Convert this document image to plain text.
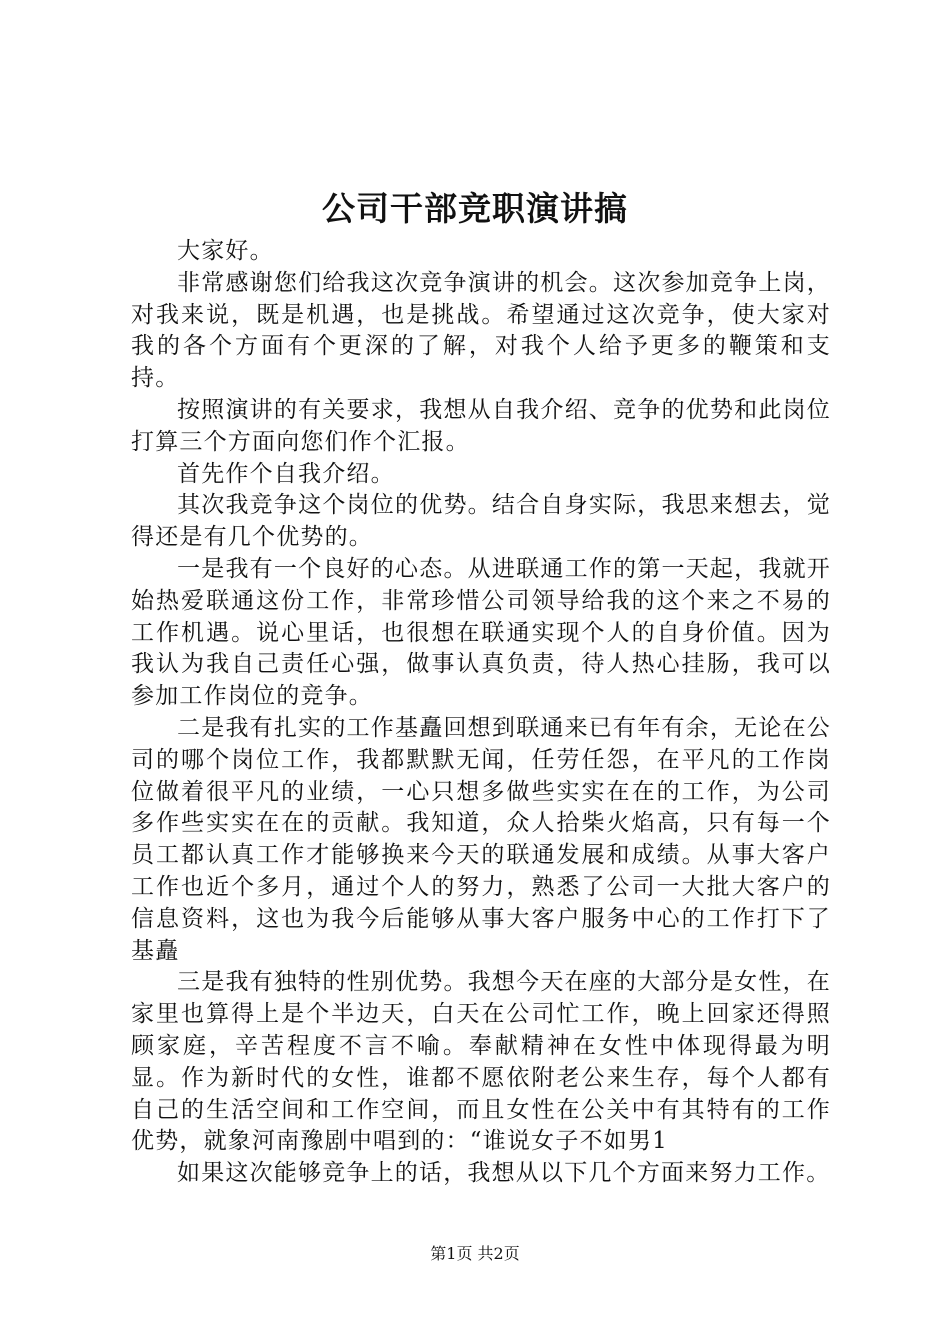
公司干部竞职演讲搞

大家好。

非常感谢您们给我这次竞争演讲的机会。这次参加竞争上岗，对我来说，既是机遇，也是挑战。希望通过这次竞争，使大家对我的各个方面有个更深的了解，对我个人给予更多的鞭策和支持。

按照演讲的有关要求，我想从自我介绍、竞争的优势和此岗位打算三个方面向您们作个汇报。

首先作个自我介绍。

其次我竞争这个岗位的优势。结合自身实际，我思来想去，觉得还是有几个优势的。

一是我有一个良好的心态。从进联通工作的第一天起，我就开始热爱联通这份工作，非常珍惜公司领导给我的这个来之不易的工作机遇。说心里话，也很想在联通实现个人的自身价值。因为我认为我自己责任心强，做事认真负责，待人热心挂肠，我可以参加工作岗位的竞争。

二是我有扎实的工作基矗回想到联通来已有年有余，无论在公司的哪个岗位工作，我都默默无闻，任劳任怨，在平凡的工作岗位做着很平凡的业绩，一心只想多做些实实在在的工作，为公司多作些实实在在的贡献。我知道，众人拾柴火焰高，只有每一个员工都认真工作才能够换来今天的联通发展和成绩。从事大客户工作也近个多月，通过个人的努力，熟悉了公司一大批大客户的信息资料，这也为我今后能够从事大客户服务中心的工作打下了基矗

三是我有独特的性别优势。我想今天在座的大部分是女性，在家里也算得上是个半边天，白天在公司忙工作，晚上回家还得照顾家庭，辛苦程度不言不喻。奉献精神在女性中体现得最为明显。作为新时代的女性，谁都不愿依附老公来生存，每个人都有自己的生活空间和工作空间，而且女性在公关中有其特有的工作优势，就象河南豫剧中唱到的：“谁说女子不如男1

如果这次能够竞争上的话，我想从以下几个方面来努力工作。

第1页 共2页
